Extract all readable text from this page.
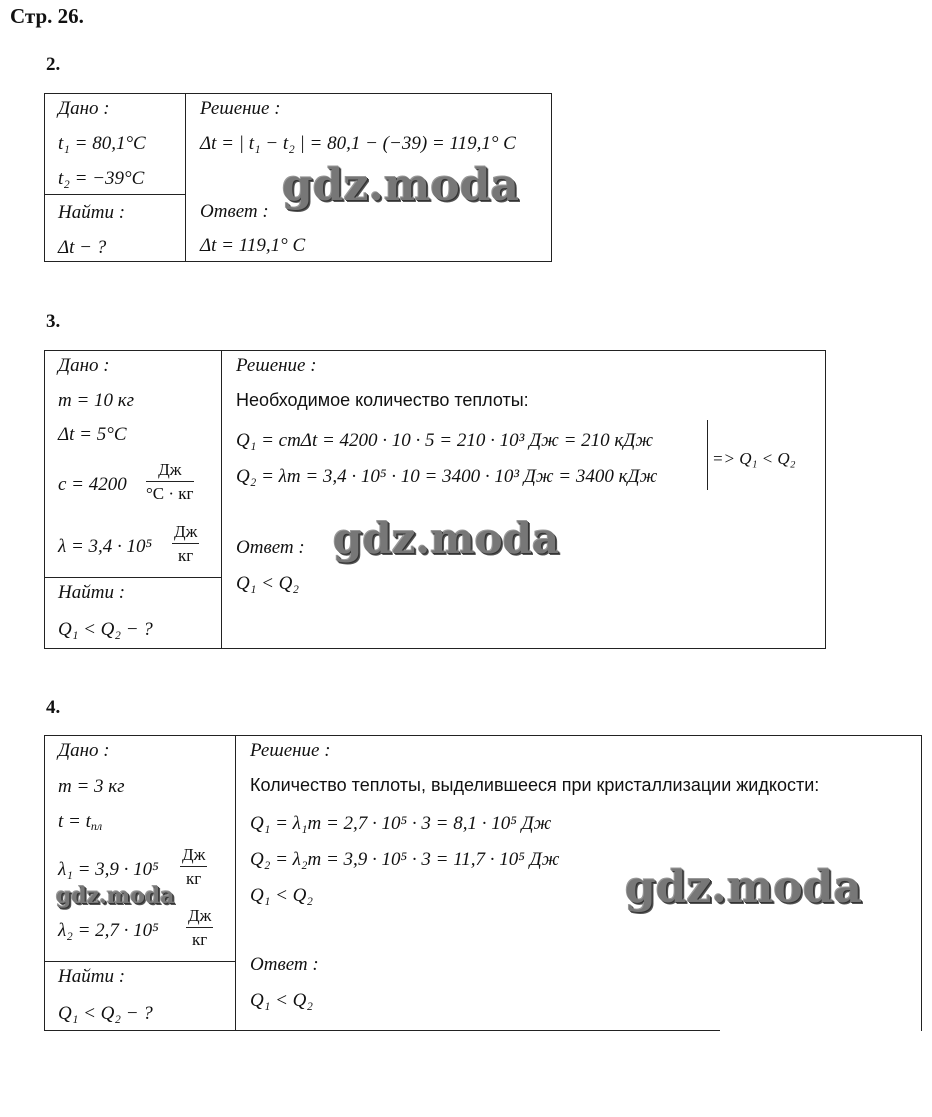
Стр. 26.
2.
Дано :
t₁ = 80,1°C
t₂ = −39°C
Найти :
Δt − ?
Решение :
Δt = | t₁ − t₂ | = 80,1 − (−39) = 119,1° C
Ответ :
Δt = 119,1° C
gdz.moda
3.
Дано :
m = 10 кг
Δt = 5°C
c = 4200
Дж
°C · кг
λ = 3,4 · 10⁵
Дж
кг
Найти :
Q₁ < Q₂ − ?
Решение :
Необходимое количество теплоты:
Q₁ = cmΔt = 4200 · 10 · 5 = 210 · 10³ Дж = 210 кДж
Q₂ = λm = 3,4 · 10⁵ · 10 = 3400 · 10³ Дж = 3400 кДж
=> Q₁ < Q₂
Ответ :
Q₁ < Q₂
gdz.moda
4.
Дано :
m = 3 кг
$t = t_{пл}$
λ₁ = 3,9 · 10⁵
Дж
кг
gdz.moda
λ₂ = 2,7 · 10⁵
Дж
кг
Найти :
Q₁ < Q₂ − ?
Решение :
Количество теплоты, выделившееся при кристаллизации жидкости:
Q₁ = λ₁m = 2,7 · 10⁵ · 3 = 8,1 · 10⁵ Дж
Q₂ = λ₂m = 3,9 · 10⁵ · 3 = 11,7 · 10⁵ Дж
Q₁ < Q₂
Ответ :
Q₁ < Q₂
gdz.moda
